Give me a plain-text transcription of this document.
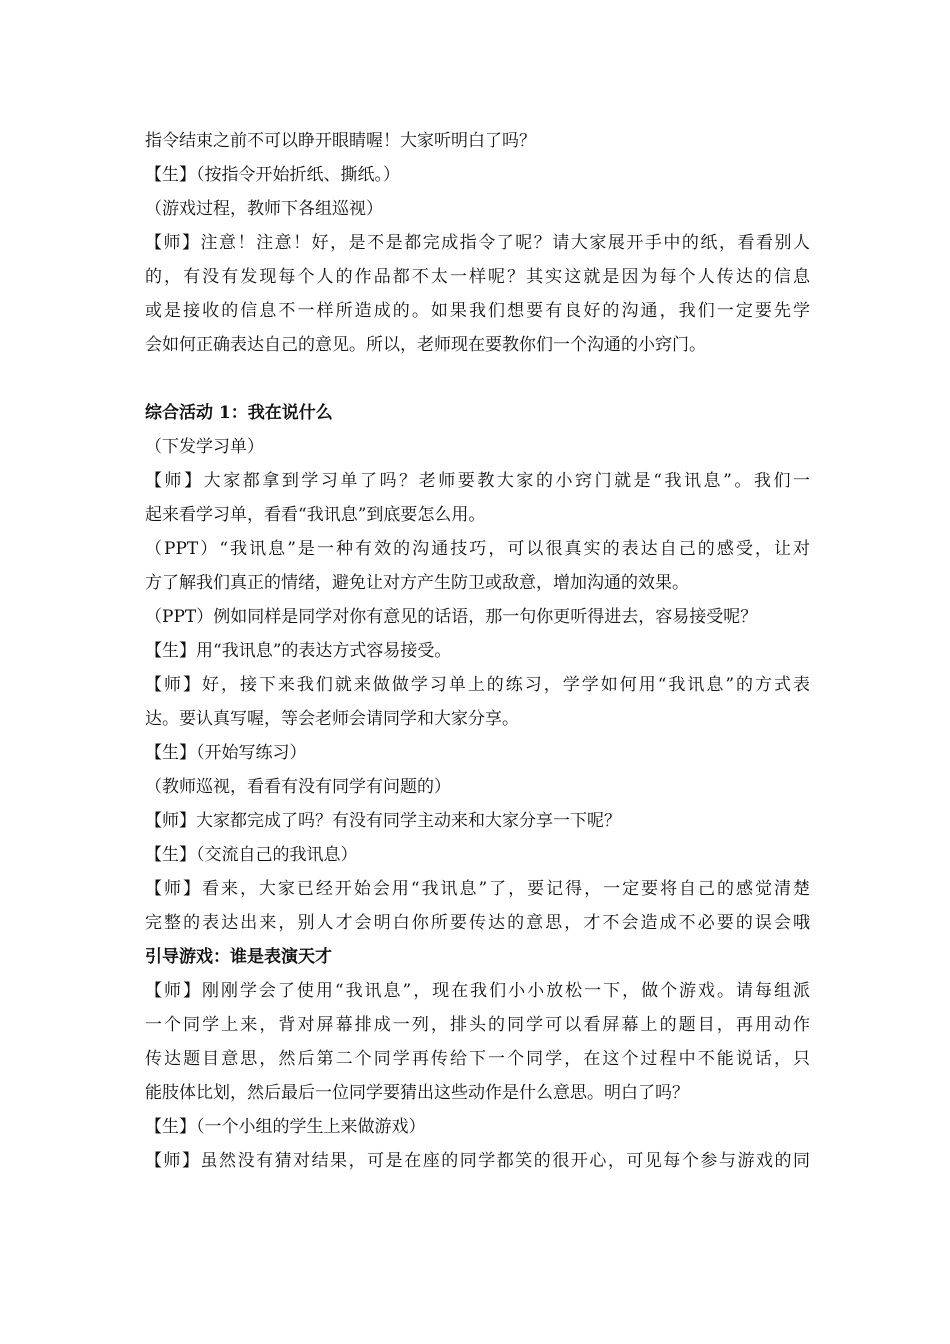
指令结束之前不可以睁开眼睛喔！大家听明白了吗？

【生】（按指令开始折纸、撕纸。）

（游戏过程，教师下各组巡视）

【师】注意！注意！好，是不是都完成指令了呢？请大家展开手中的纸，看看别人

的，有没有发现每个人的作品都不太一样呢？其实这就是因为每个人传达的信息

或是接收的信息不一样所造成的。如果我们想要有良好的沟通，我们一定要先学

会如何正确表达自己的意见。所以，老师现在要教你们一个沟通的小窍门。

综合活动 1：我在说什么

（下发学习单）

【师】大家都拿到学习单了吗？老师要教大家的小窍门就是“我讯息”。我们一

起来看学习单，看看“我讯息”到底要怎么用。

（PPT）“我讯息”是一种有效的沟通技巧，可以很真实的表达自己的感受，让对

方了解我们真正的情绪，避免让对方产生防卫或敌意，增加沟通的效果。

（PPT）例如同样是同学对你有意见的话语，那一句你更听得进去，容易接受呢？

【生】用“我讯息”的表达方式容易接受。

【师】好，接下来我们就来做做学习单上的练习，学学如何用“我讯息”的方式表

达。要认真写喔，等会老师会请同学和大家分享。

【生】（开始写练习）

（教师巡视，看看有没有同学有问题的）

【师】大家都完成了吗？有没有同学主动来和大家分享一下呢？

【生】（交流自己的我讯息）

【师】看来，大家已经开始会用“我讯息”了，要记得，一定要将自己的感觉清楚

完整的表达出来，别人才会明白你所要传达的意思，才不会造成不必要的误会哦

引导游戏：谁是表演天才

【师】刚刚学会了使用“我讯息”，现在我们小小放松一下，做个游戏。请每组派

一个同学上来，背对屏幕排成一列，排头的同学可以看屏幕上的题目，再用动作

传达题目意思，然后第二个同学再传给下一个同学，在这个过程中不能说话，只

能肢体比划，然后最后一位同学要猜出这些动作是什么意思。明白了吗？

【生】（一个小组的学生上来做游戏）

【师】虽然没有猜对结果，可是在座的同学都笑的很开心，可见每个参与游戏的同
